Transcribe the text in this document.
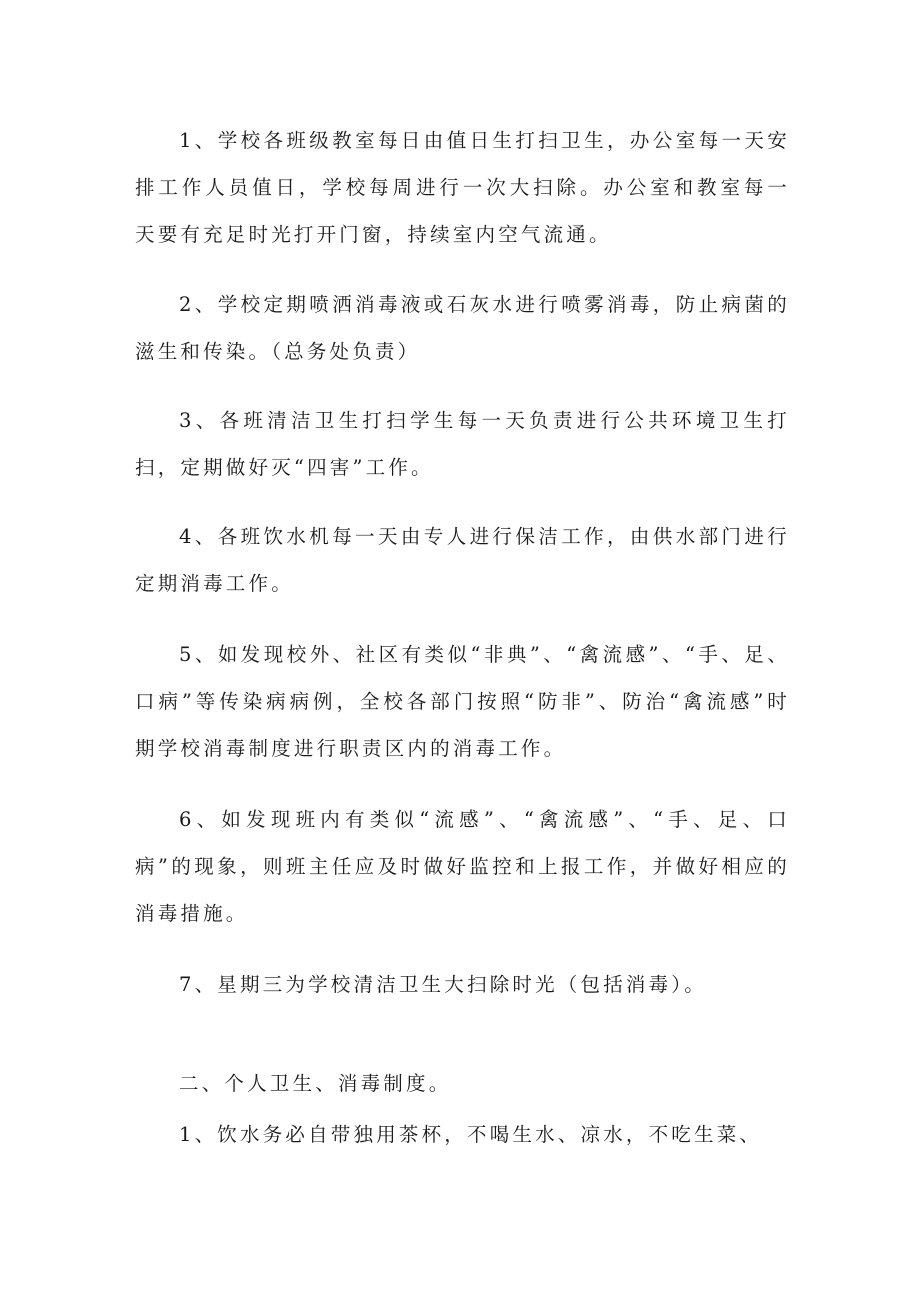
1、学校各班级教室每日由值日生打扫卫生，办公室每一天安排工作人员值日，学校每周进行一次大扫除。办公室和教室每一天要有充足时光打开门窗，持续室内空气流通。

2、学校定期喷洒消毒液或石灰水进行喷雾消毒，防止病菌的滋生和传染。（总务处负责）

3、各班清洁卫生打扫学生每一天负责进行公共环境卫生打扫，定期做好灭“四害”工作。

4、各班饮水机每一天由专人进行保洁工作，由供水部门进行定期消毒工作。

5、如发现校外、社区有类似“非典”、“禽流感”、“手、足、口病”等传染病病例，全校各部门按照“防非”、防治“禽流感”时期学校消毒制度进行职责区内的消毒工作。

6、如发现班内有类似“流感”、“禽流感”、“手、足、口病”的现象，则班主任应及时做好监控和上报工作，并做好相应的消毒措施。

7、星期三为学校清洁卫生大扫除时光（包括消毒）。

二、个人卫生、消毒制度。

1、饮水务必自带独用茶杯，不喝生水、凉水，不吃生菜、
